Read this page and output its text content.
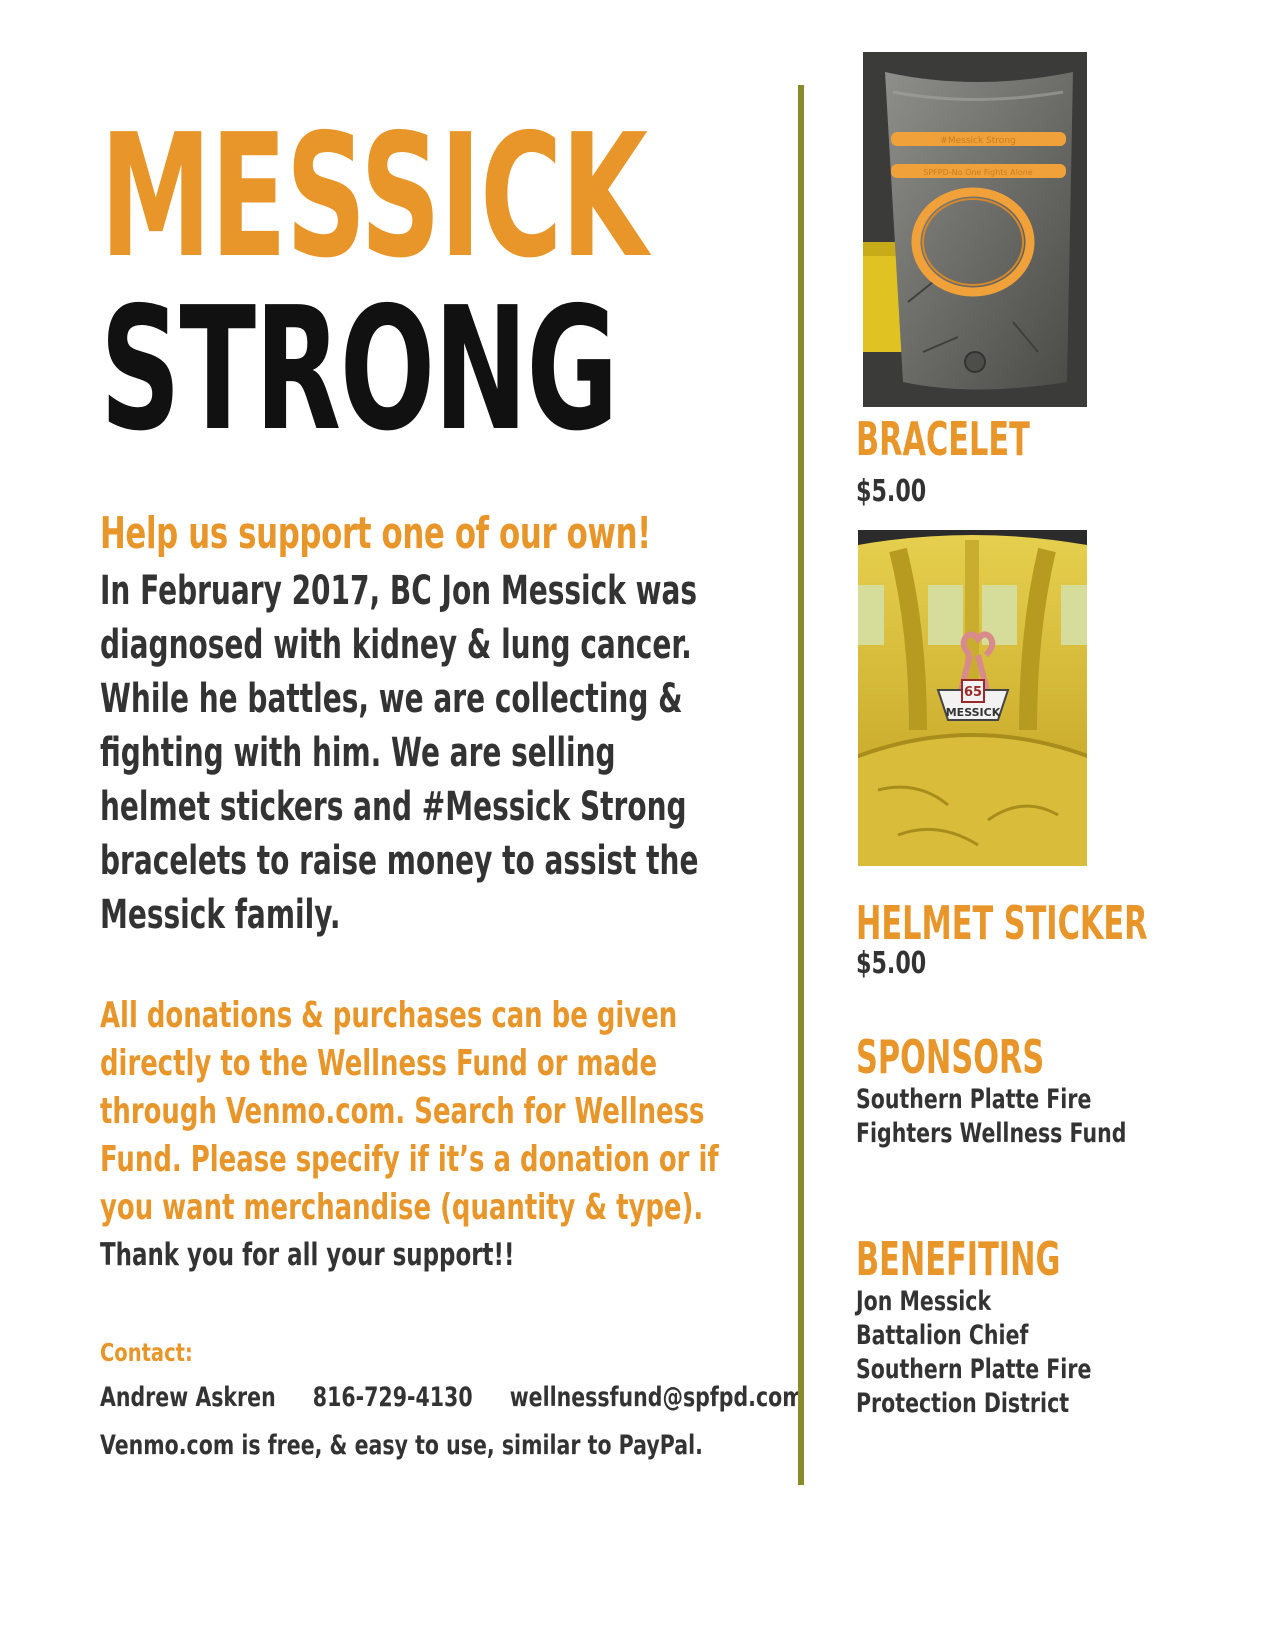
MESSICK
STRONG

Help us support one of our own!

In February 2017, BC Jon Messick was

diagnosed with kidney & lung cancer.

While he battles, we are collecting &

fighting with him. We are selling

helmet stickers and #Messick Strong

bracelets to raise money to assist the

Messick family.

All donations & purchases can be given

directly to the Wellness Fund or made

through Venmo.com. Search for Wellness

Fund. Please specify if it’s a donation or if

you want merchandise (quantity & type).

Thank you for all your support!!

Contact:

Andrew Askren 816-729-4130 wellnessfund@spfpd.com

Venmo.com is free, & easy to use, similar to PayPal.

#Messick Strong
SPFPD-No One Fights Alone

BRACELET

$5.00

65
MESSICK

HELMET STICKER

$5.00

SPONSORS

Southern Platte Fire

Fighters Wellness Fund

BENEFITING

Jon Messick

Battalion Chief

Southern Platte Fire

Protection District
